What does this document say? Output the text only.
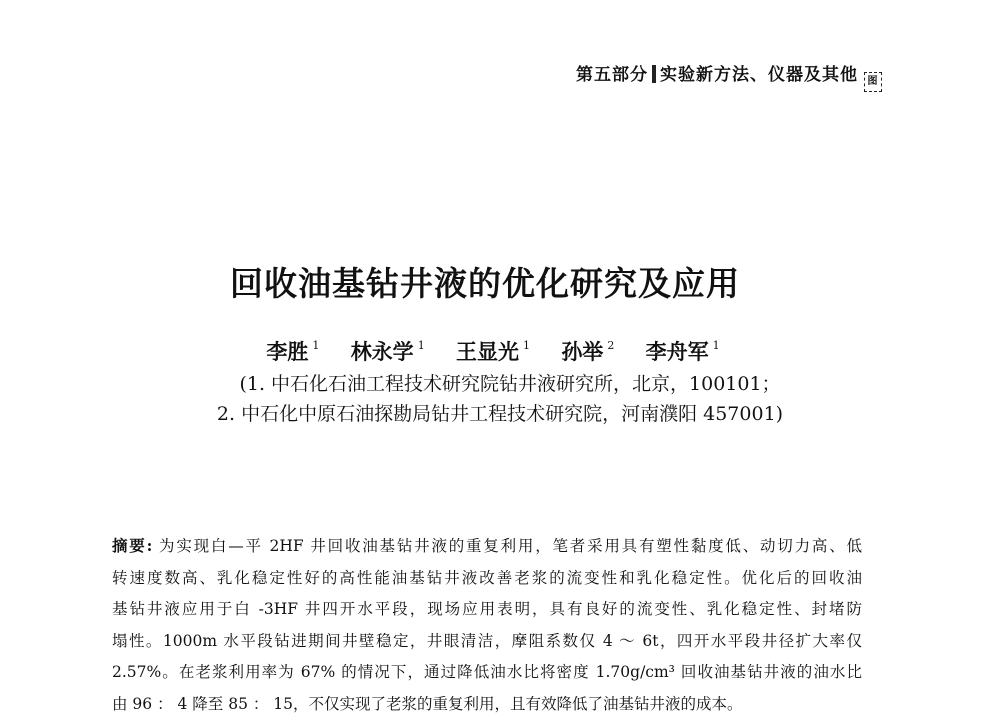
第五部分 实验新方法、仪器及其他 图
回收油基钻井液的优化研究及应用
李胜 $^1$ 林永学 $^1$ 王显光 $^1$ 孙举 $^2$ 李舟军 $^1$
(1. 中石化石油工程技术研究院钻井液研究所，北京，100101；
2. 中石化中原石油探勘局钻井工程技术研究院，河南濮阳 457001)
摘要: 为实现白—平 2HF 井回收油基钻井液的重复利用，笔者采用具有塑性黏度低、动切力高、低
转速度数高、乳化稳定性好的高性能油基钻井液改善老浆的流变性和乳化稳定性。优化后的回收油
基钻井液应用于白 -3HF 井四开水平段，现场应用表明，具有良好的流变性、乳化稳定性、封堵防
塌性。1000m 水平段钻进期间井壁稳定，井眼清洁，摩阻系数仅 4 ～ 6t，四开水平段井径扩大率仅
2.57%。在老浆利用率为 67% 的情况下，通过降低油水比将密度 1.70g/cm³ 回收油基钻井液的油水比
由 96 ： 4 降至 85 ： 15，不仅实现了老浆的重复利用，且有效降低了油基钻井液的成本。
